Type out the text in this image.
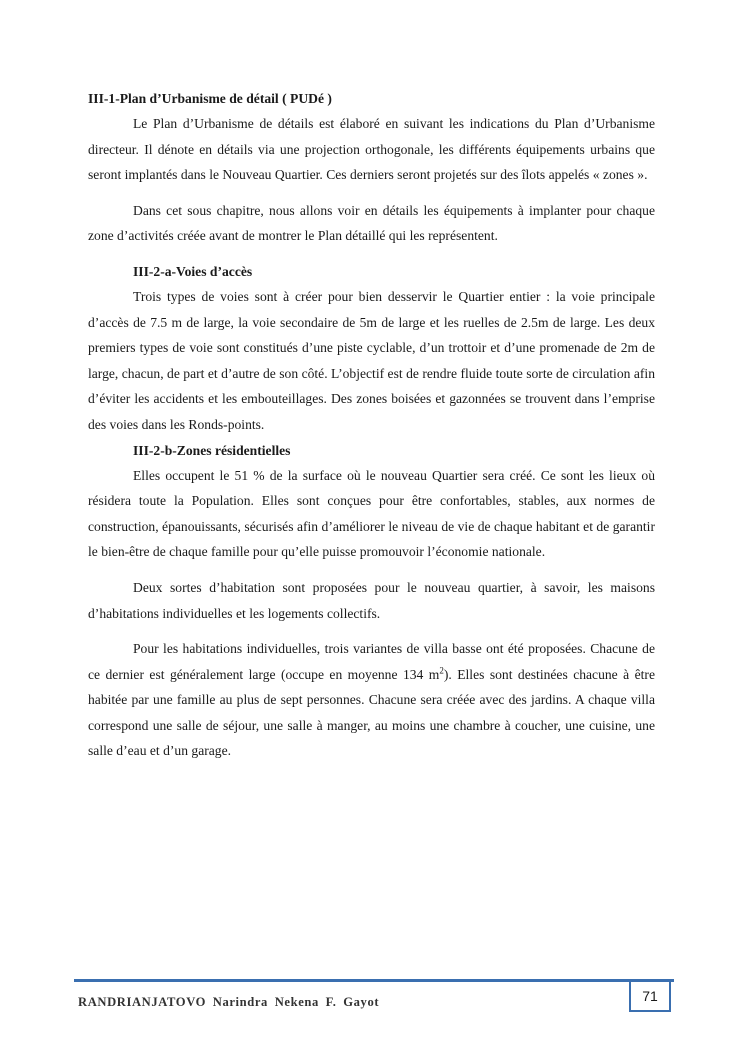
III-1-Plan d’Urbanisme de détail ( PUDé )

Le Plan d’Urbanisme de détails est élaboré en suivant les indications du Plan d’Urbanisme directeur. Il dénote en détails via une projection orthogonale, les différents équipements urbains que seront implantés dans le Nouveau Quartier. Ces derniers seront projetés sur des îlots appelés « zones ».

Dans cet sous chapitre, nous allons voir en détails les équipements à implanter pour chaque zone d’activités créée avant de montrer le Plan détaillé qui les représentent.

III-2-a-Voies d’accès

Trois types de voies sont à créer pour bien desservir le Quartier entier : la voie principale d’accès de 7.5 m de large, la voie secondaire de 5m de large et les ruelles de 2.5m de large. Les deux premiers types de voie sont constitués d’une piste cyclable, d’un trottoir et d’une promenade de 2m de large, chacun, de part et d’autre de son côté. L’objectif est de rendre fluide toute sorte de circulation afin d’éviter les accidents et les embouteillages. Des zones boisées et gazonnées se trouvent dans l’emprise des voies dans les Ronds-points.

III-2-b-Zones résidentielles

Elles occupent le 51 % de la surface où le nouveau Quartier sera créé. Ce sont les lieux où résidera toute la Population. Elles sont conçues pour être confortables, stables, aux normes de construction, épanouissants, sécurisés afin d’améliorer le niveau de vie de chaque habitant et de garantir le bien-être de chaque famille pour qu’elle puisse promouvoir l’économie nationale.

Deux sortes d’habitation sont proposées pour le nouveau quartier, à savoir, les maisons d’habitations individuelles et les logements collectifs.

Pour les habitations individuelles, trois variantes de villa basse ont été proposées. Chacune de ce dernier est généralement large (occupe en moyenne 134 $m^2$). Elles sont destinées chacune à être habitée par une famille au plus de sept personnes. Chacune sera créée avec des jardins. A chaque villa correspond une salle de séjour, une salle à manger, au moins une chambre à coucher, une cuisine, une salle d’eau et d’un garage.

RANDRIANJATOVO Narindra Nekena F. Gayot	71
